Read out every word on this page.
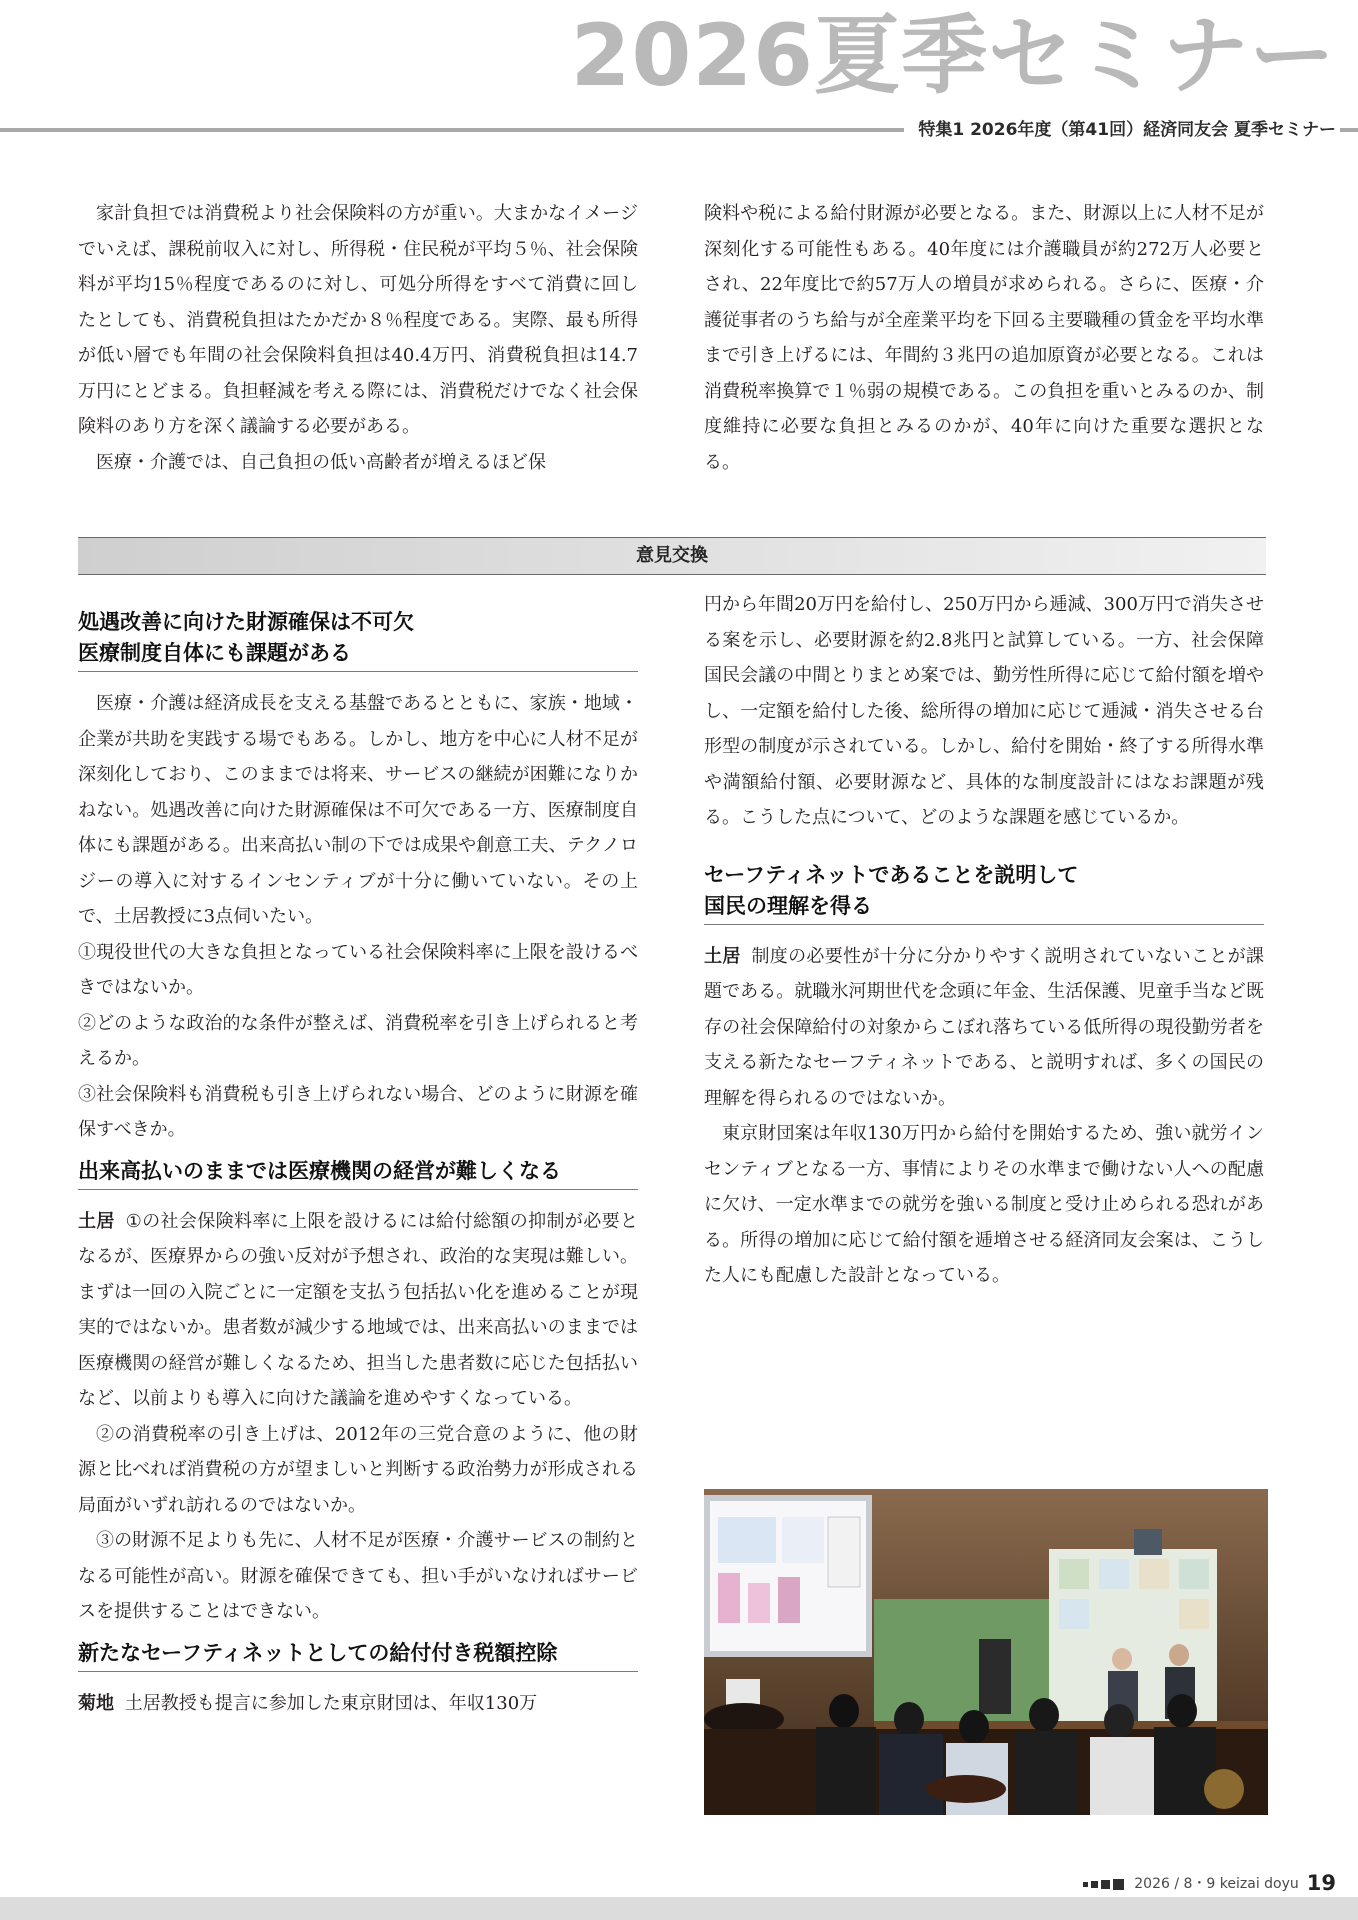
2026夏季セミナー
特集1 2026年度（第41回）経済同友会 夏季セミナー

家計負担では消費税より社会保険料の方が重い。大まかなイメージでいえば、課税前収入に対し、所得税・住民税が平均５％、社会保険料が平均15％程度であるのに対し、可処分所得をすべて消費に回したとしても、消費税負担はたかだか８％程度である。実際、最も所得が低い層でも年間の社会保険料負担は40.4万円、消費税負担は14.7万円にとどまる。負担軽減を考える際には、消費税だけでなく社会保険料のあり方を深く議論する必要がある。

医療・介護では、自己負担の低い高齢者が増えるほど保

険料や税による給付財源が必要となる。また、財源以上に人材不足が深刻化する可能性もある。40年度には介護職員が約272万人必要とされ、22年度比で約57万人の増員が求められる。さらに、医療・介護従事者のうち給与が全産業平均を下回る主要職種の賃金を平均水準まで引き上げるには、年間約３兆円の追加原資が必要となる。これは消費税率換算で１％弱の規模である。この負担を重いとみるのか、制度維持に必要な負担とみるのかが、40年に向けた重要な選択となる。

意見交換
処遇改善に向けた財源確保は不可欠
医療制度自体にも課題がある

医療・介護は経済成長を支える基盤であるとともに、家族・地域・企業が共助を実践する場でもある。しかし、地方を中心に人材不足が深刻化しており、このままでは将来、サービスの継続が困難になりかねない。処遇改善に向けた財源確保は不可欠である一方、医療制度自体にも課題がある。出来高払い制の下では成果や創意工夫、テクノロジーの導入に対するインセンティブが十分に働いていない。その上で、土居教授に3点伺いたい。

①現役世代の大きな負担となっている社会保険料率に上限を設けるべきではないか。

②どのような政治的な条件が整えば、消費税率を引き上げられると考えるか。

③社会保険料も消費税も引き上げられない場合、どのように財源を確保すべきか。

出来高払いのままでは医療機関の経営が難しくなる

土居 ①の社会保険料率に上限を設けるには給付総額の抑制が必要となるが、医療界からの強い反対が予想され、政治的な実現は難しい。まずは一回の入院ごとに一定額を支払う包括払い化を進めることが現実的ではないか。患者数が減少する地域では、出来高払いのままでは医療機関の経営が難しくなるため、担当した患者数に応じた包括払いなど、以前よりも導入に向けた議論を進めやすくなっている。

②の消費税率の引き上げは、2012年の三党合意のように、他の財源と比べれば消費税の方が望ましいと判断する政治勢力が形成される局面がいずれ訪れるのではないか。

③の財源不足よりも先に、人材不足が医療・介護サービスの制約となる可能性が高い。財源を確保できても、担い手がいなければサービスを提供することはできない。

新たなセーフティネットとしての給付付き税額控除

菊地 土居教授も提言に参加した東京財団は、年収130万

円から年間20万円を給付し、250万円から逓減、300万円で消失させる案を示し、必要財源を約2.8兆円と試算している。一方、社会保障国民会議の中間とりまとめ案では、勤労性所得に応じて給付額を増やし、一定額を給付した後、総所得の増加に応じて逓減・消失させる台形型の制度が示されている。しかし、給付を開始・終了する所得水準や満額給付額、必要財源など、具体的な制度設計にはなお課題が残る。こうした点について、どのような課題を感じているか。

セーフティネットであることを説明して
国民の理解を得る

土居 制度の必要性が十分に分かりやすく説明されていないことが課題である。就職氷河期世代を念頭に年金、生活保護、児童手当など既存の社会保障給付の対象からこぼれ落ちている低所得の現役勤労者を支える新たなセーフティネットである、と説明すれば、多くの国民の理解を得られるのではないか。

東京財団案は年収130万円から給付を開始するため、強い就労インセンティブとなる一方、事情によりその水準まで働けない人への配慮に欠け、一定水準までの就労を強いる制度と受け止められる恐れがある。所得の増加に応じて給付額を逓増させる経済同友会案は、こうした人にも配慮した設計となっている。

2026 / 8・9 keizai doyu 19
